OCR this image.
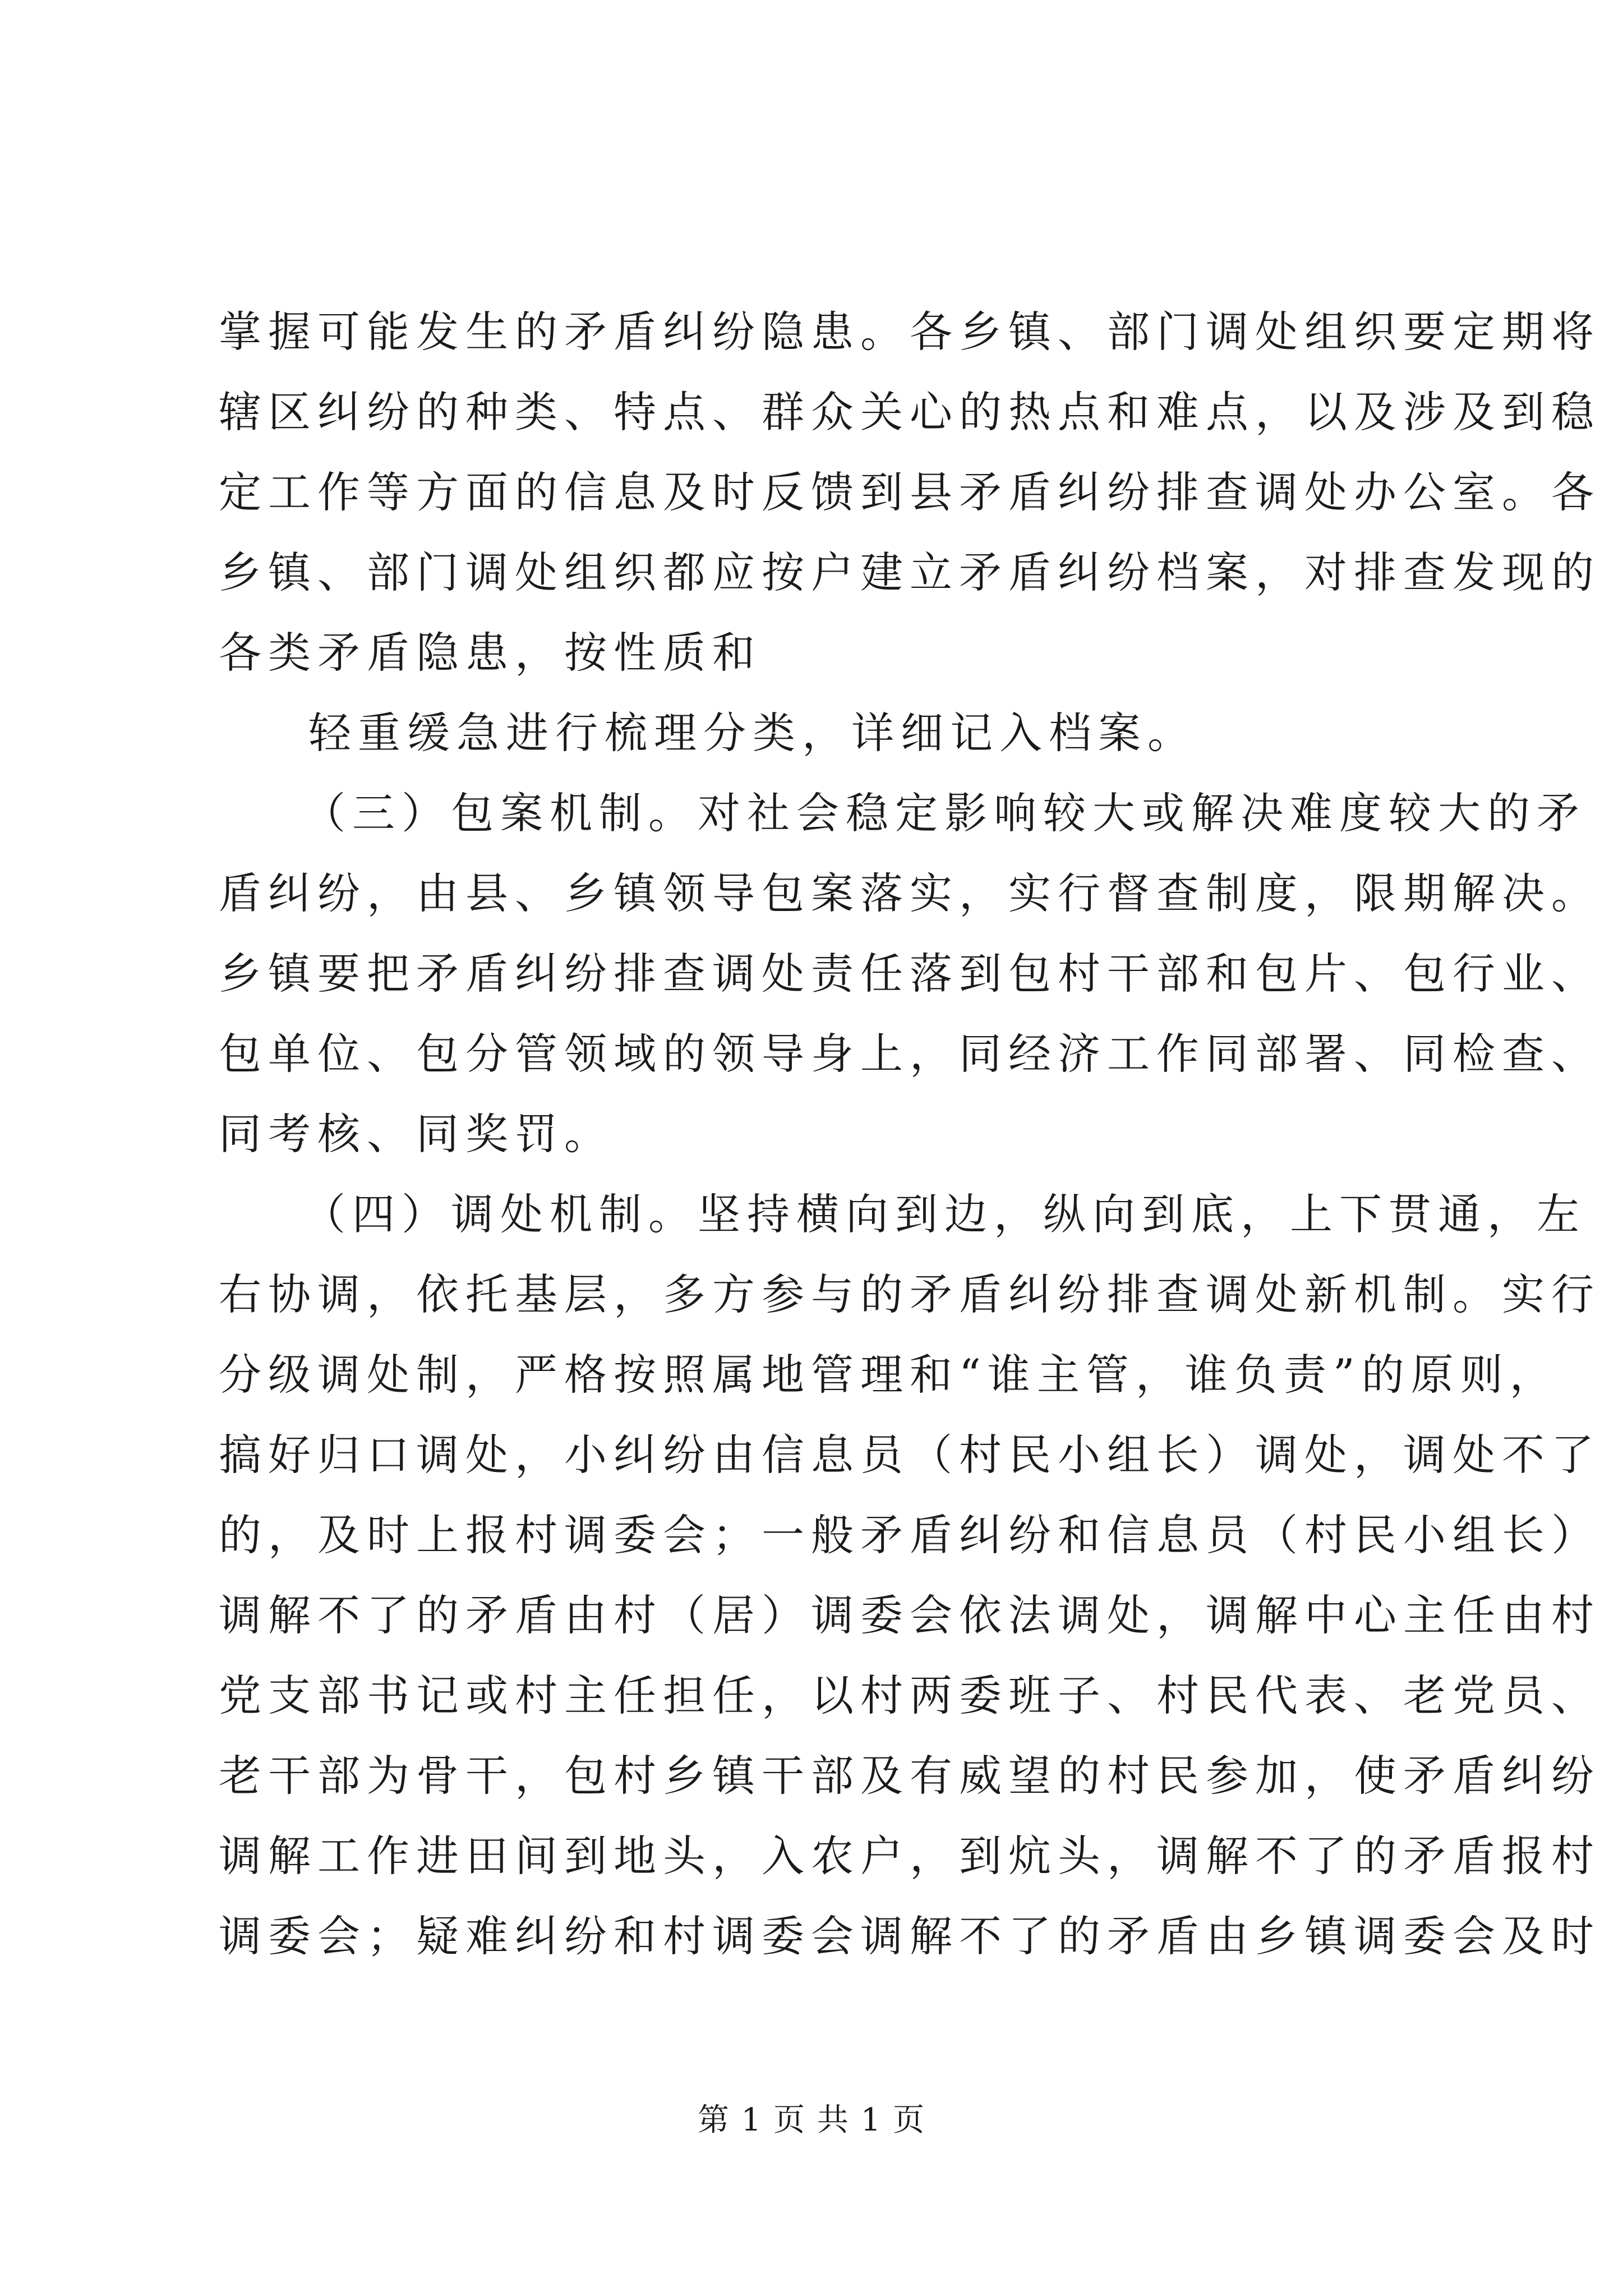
掌握可能发生的矛盾纠纷隐患。各乡镇、部门调处组织要定期将
辖区纠纷的种类、特点、群众关心的热点和难点，以及涉及到稳
定工作等方面的信息及时反馈到县矛盾纠纷排查调处办公室。各
乡镇、部门调处组织都应按户建立矛盾纠纷档案，对排查发现的
各类矛盾隐患，按性质和
轻重缓急进行梳理分类，详细记入档案。
（三）包案机制。对社会稳定影响较大或解决难度较大的矛
盾纠纷，由县、乡镇领导包案落实，实行督查制度，限期解决。
乡镇要把矛盾纠纷排查调处责任落到包村干部和包片、包行业、
包单位、包分管领域的领导身上，同经济工作同部署、同检查、
同考核、同奖罚。
（四）调处机制。坚持横向到边，纵向到底，上下贯通，左
右协调，依托基层，多方参与的矛盾纠纷排查调处新机制。实行
分级调处制，严格按照属地管理和“谁主管，谁负责”的原则，
搞好归口调处，小纠纷由信息员（村民小组长）调处，调处不了
的，及时上报村调委会；一般矛盾纠纷和信息员（村民小组长）
调解不了的矛盾由村（居）调委会依法调处，调解中心主任由村
党支部书记或村主任担任，以村两委班子、村民代表、老党员、
老干部为骨干，包村乡镇干部及有威望的村民参加，使矛盾纠纷
调解工作进田间到地头，入农户，到炕头，调解不了的矛盾报村
调委会；疑难纠纷和村调委会调解不了的矛盾由乡镇调委会及时
第 1 页 共 1 页
